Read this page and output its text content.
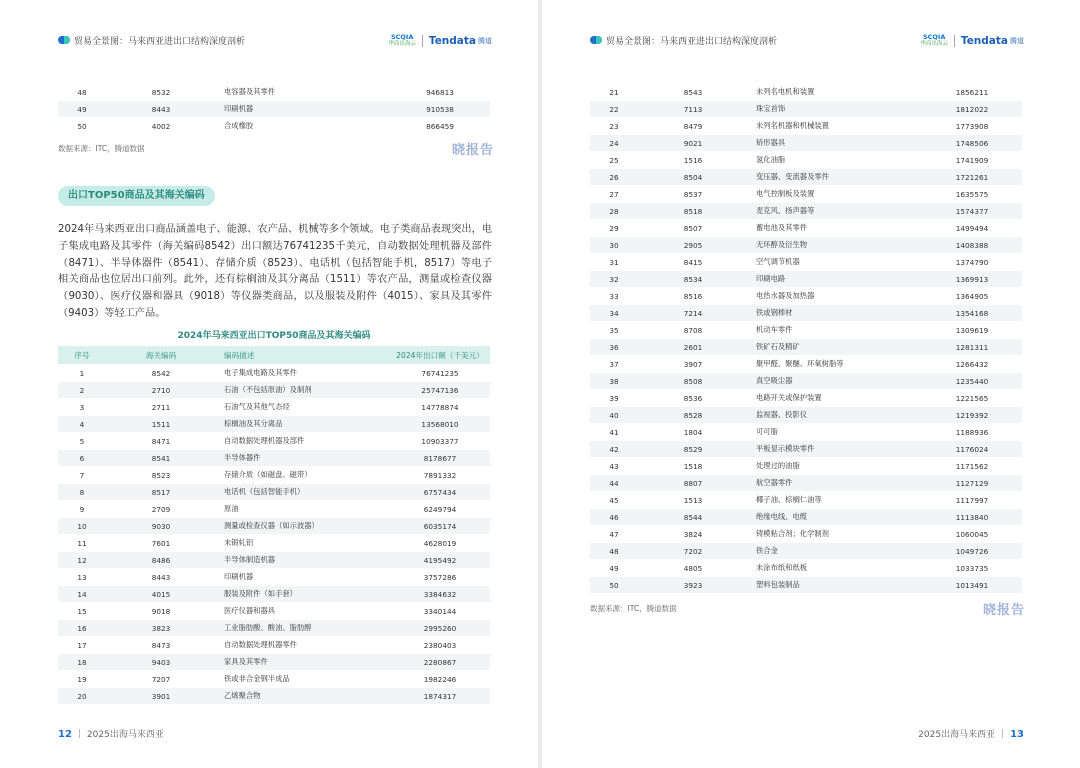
贸易全景图：马来西亚进出口结构深度剖析	SCQIA
华商出海云 Tendata 腾道
48	8532	电容器及其零件	946813
49	8443	印刷机器	910538
50	4002	合成橡胶	866459
数据来源：ITC，腾道数据	晓报告
出口TOP50商品及其海关编码
2024年马来西亚出口商品涵盖电子、能源、农产品、机械等多个领域。电子类商品表现突出，电子集成电路及其零件（海关编码8542）出口额达76741235千美元，自动数据处理机器及部件（8471）、半导体器件（8541）、存储介质（8523）、电话机（包括智能手机，8517）等电子相关商品也位居出口前列。此外，还有棕榈油及其分离品（1511）等农产品，测量或检查仪器（9030）、医疗仪器和器具（9018）等仪器类商品，以及服装及附件（4015）、家具及其零件（9403）等轻工产品。
2024年马来西亚出口TOP50商品及其海关编码
序号	海关编码	编码描述	2024年出口额（千美元）
1	8542	电子集成电路及其零件	76741235
2	2710	石油（不包括原油）及制剂	25747136
3	2711	石油气及其他气态烃	14778874
4	1511	棕榈油及其分离品	13568010
5	8471	自动数据处理机器及部件	10903377
6	8541	半导体器件	8178677
7	8523	存储介质（如磁盘、磁带）	7891332
8	8517	电话机（包括智能手机）	6757434
9	2709	原油	6249794
10	9030	测量或检查仪器（如示波器）	6035174
11	7601	未锻轧铝	4628019
12	8486	半导体制造机器	4195492
13	8443	印刷机器	3757286
14	4015	服装及附件（如手套）	3384632
15	9018	医疗仪器和器具	3340144
16	3823	工业脂肪酸、酸油、脂肪醇	2995260
17	8473	自动数据处理机器零件	2380403
18	9403	家具及其零件	2280867
19	7207	铁或非合金钢半成品	1982246
20	3901	乙烯聚合物	1874317
12 2025出海马来西亚
贸易全景图：马来西亚进出口结构深度剖析	SCQIA
华商出海云 Tendata 腾道
21	8543	未列名电机和装置	1856211
22	7113	珠宝首饰	1812022
23	8479	未列名机器和机械装置	1773908
24	9021	矫形器具	1748506
25	1516	氢化油脂	1741909
26	8504	变压器、变流器及零件	1721261
27	8537	电气控制板及装置	1635575
28	8518	麦克风、扬声器等	1574377
29	8507	蓄电池及其零件	1499494
30	2905	无环醇及衍生物	1408388
31	8415	空气调节机器	1374790
32	8534	印刷电路	1369913
33	8516	电热水器及加热器	1364905
34	7214	铁或钢棒材	1354168
35	8708	机动车零件	1309619
36	2601	铁矿石及精矿	1281311
37	3907	聚甲醛、聚醚、环氧树脂等	1266432
38	8508	真空吸尘器	1235440
39	8536	电路开关或保护装置	1221565
40	8528	监视器、投影仪	1219392
41	1804	可可脂	1188936
42	8529	平板显示模块零件	1176024
43	1518	处理过的油脂	1171562
44	8807	航空器零件	1127129
45	1513	椰子油、棕榈仁油等	1117997
46	8544	绝缘电线、电缆	1113840
47	3824	铸模粘合剂；化学制剂	1060045
48	7202	铁合金	1049726
49	4805	未涂布纸和纸板	1033735
50	3923	塑料包装制品	1013491
数据来源：ITC，腾道数据	晓报告
2025出海马来西亚 13
